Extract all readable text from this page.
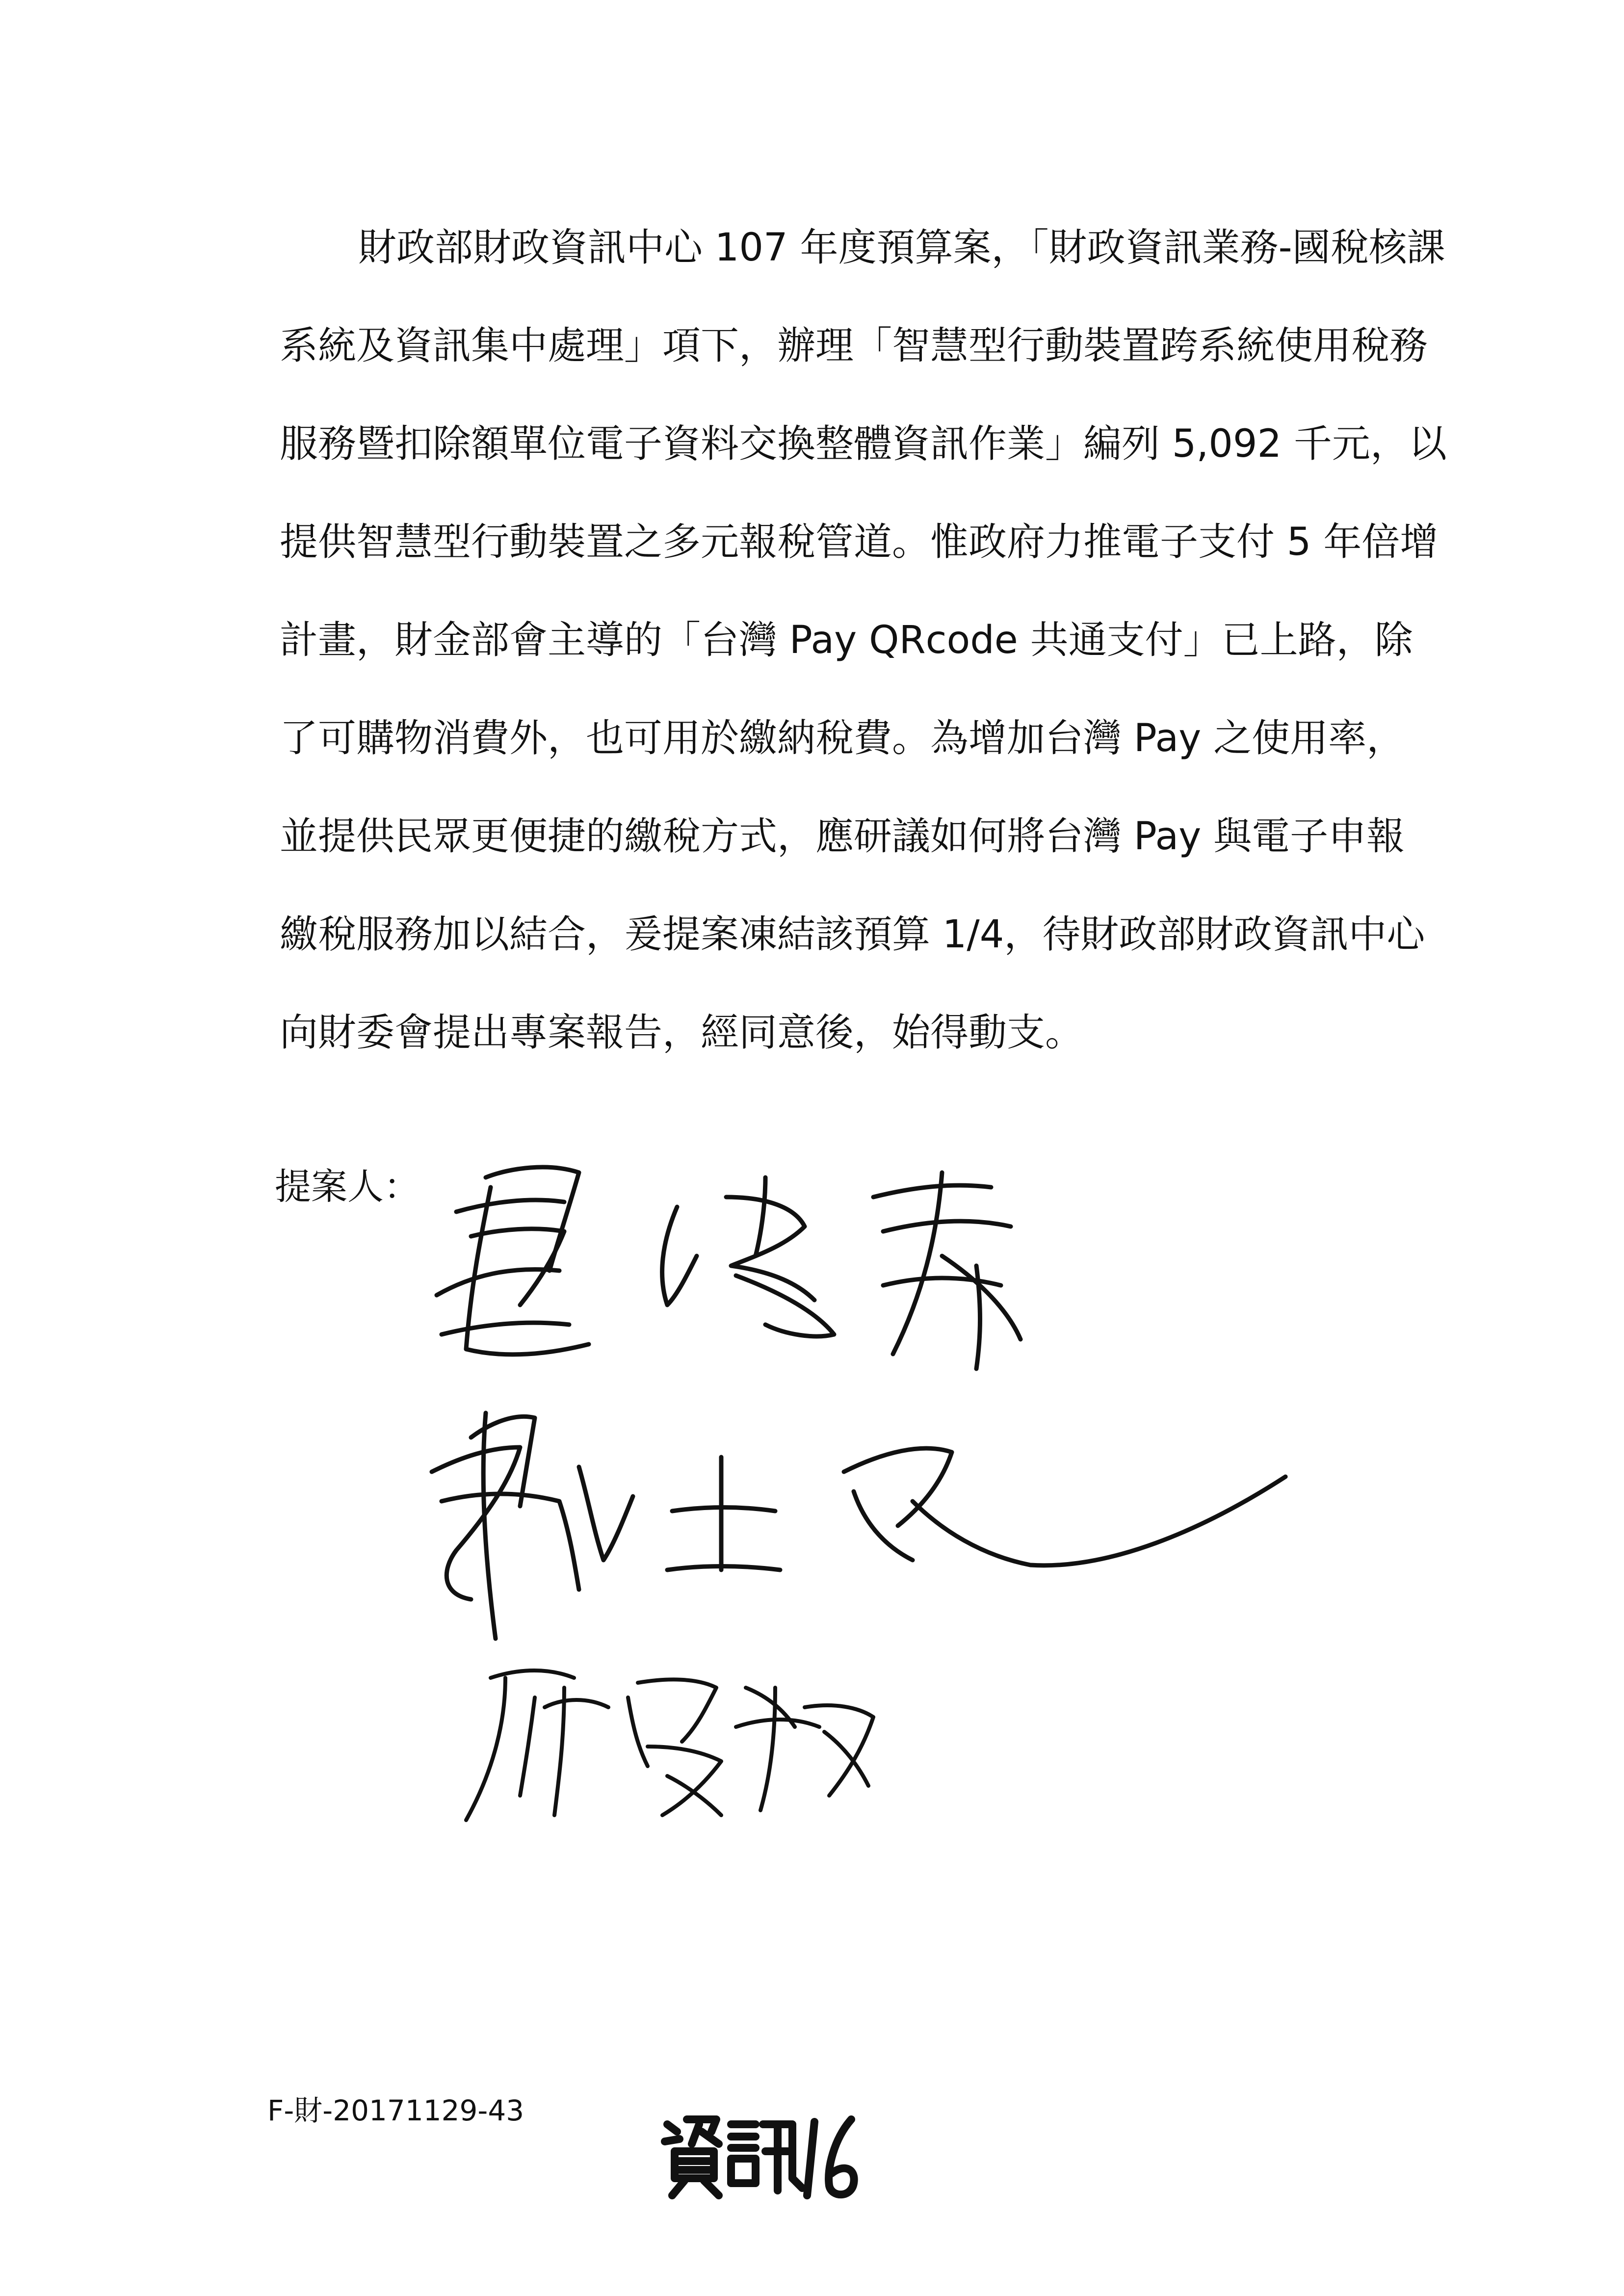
財政部財政資訊中心 107 年度預算案，「財政資訊業務-國稅核課
系統及資訊集中處理」項下，辦理「智慧型行動裝置跨系統使用稅務
服務暨扣除額單位電子資料交換整體資訊作業」編列 5,092 千元，以
提供智慧型行動裝置之多元報稅管道。惟政府力推電子支付 5 年倍增
計畫，財金部會主導的「台灣 Pay QRcode 共通支付」已上路，除
了可購物消費外，也可用於繳納稅費。為增加台灣 Pay 之使用率，
並提供民眾更便捷的繳稅方式，應研議如何將台灣 Pay 與電子申報
繳稅服務加以結合，爰提案凍結該預算 1/4，待財政部財政資訊中心
向財委會提出專案報告，經同意後，始得動支。
提案人：
F-財-20171129-43
